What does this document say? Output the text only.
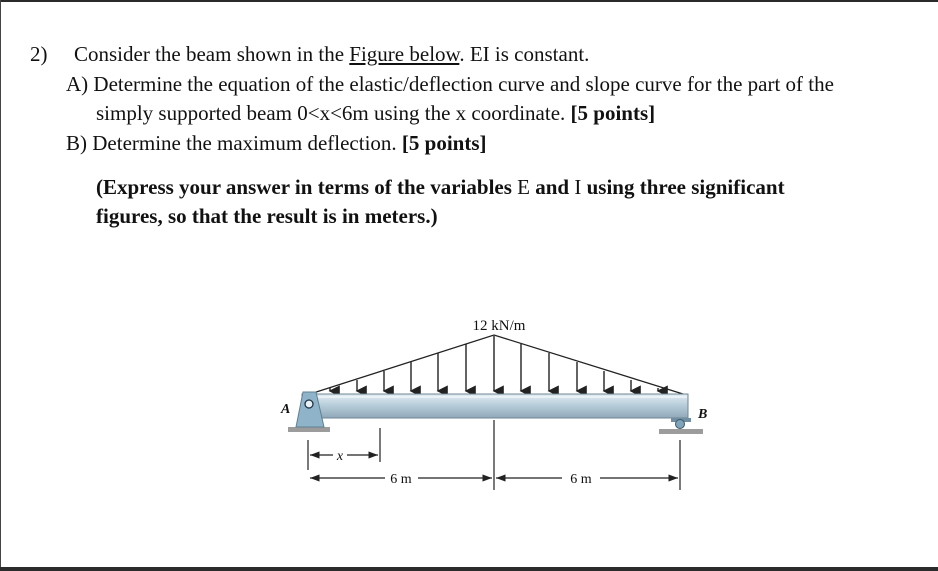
2) Consider the beam shown in the Figure below. EI is constant.
A) Determine the equation of the elastic/deflection curve and slope curve for the part of the
simply supported beam 0<x<6m using the x coordinate. [5 points]
B) Determine the maximum deflection. [5 points]
(Express your answer in terms of the variables E and I using three significant
figures, so that the result is in meters.)
12 kN/m
A	B
x
6 m	6 m
